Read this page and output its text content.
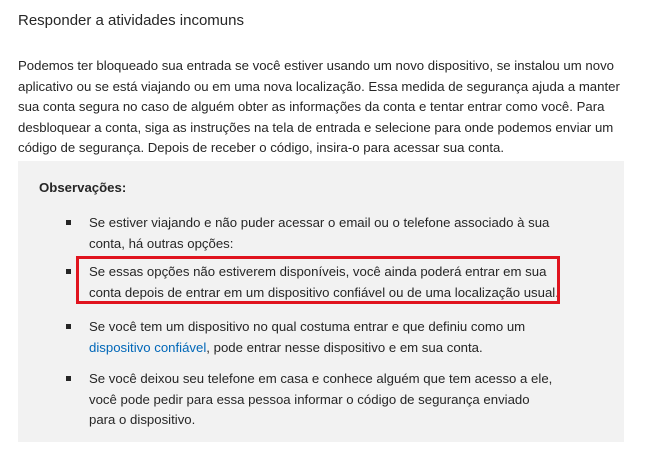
Responder a atividades incomuns

Podemos ter bloqueado sua entrada se você estiver usando um novo dispositivo, se instalou um novo aplicativo ou se está viajando ou em uma nova localização. Essa medida de segurança ajuda a manter sua conta segura no caso de alguém obter as informações da conta e tentar entrar como você. Para desbloquear a conta, siga as instruções na tela de entrada e selecione para onde podemos enviar um código de segurança. Depois de receber o código, insira-o para acessar sua conta.

Observações:
Se estiver viajando e não puder acessar o email ou o telefone associado à sua conta, há outras opções:
Se essas opções não estiverem disponíveis, você ainda poderá entrar em sua conta depois de entrar em um dispositivo confiável ou de uma localização usual.
Se você tem um dispositivo no qual costuma entrar e que definiu como um dispositivo confiável, pode entrar nesse dispositivo e em sua conta.
Se você deixou seu telefone em casa e conhece alguém que tem acesso a ele, você pode pedir para essa pessoa informar o código de segurança enviado para o dispositivo.
